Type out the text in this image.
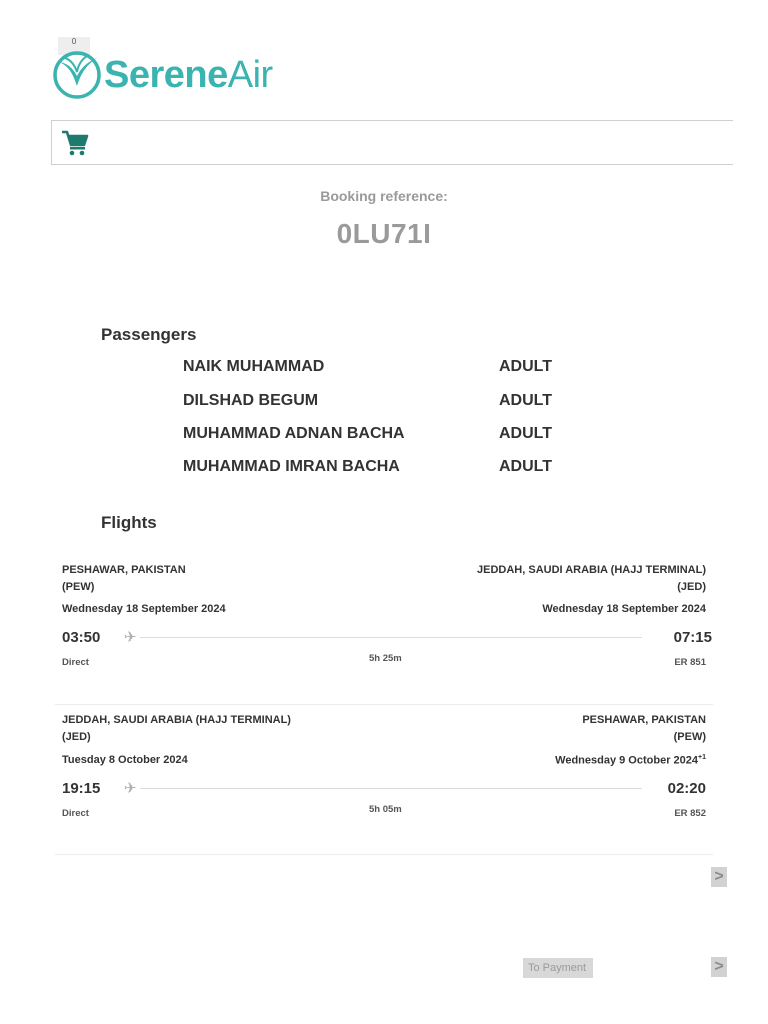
0
SereneAir
Booking reference:
0LU71I
Passengers
NAIK MUHAMMAD	ADULT
DILSHAD BEGUM	ADULT
MUHAMMAD ADNAN BACHA	ADULT
MUHAMMAD IMRAN BACHA	ADULT
Flights
PESHAWAR, PAKISTAN
(PEW)
JEDDAH, SAUDI ARABIA (HAJJ TERMINAL)
(JED)
Wednesday 18 September 2024	Wednesday 18 September 2024
03:50 ✈	07:15
Direct	5h 25m	ER 851
JEDDAH, SAUDI ARABIA (HAJJ TERMINAL)
(JED)
PESHAWAR, PAKISTAN
(PEW)
Tuesday 8 October 2024	Wednesday 9 October $2024^{+1}$
19:15 ✈	02:20
Direct	5h 05m	ER 852
>
To Payment	>
